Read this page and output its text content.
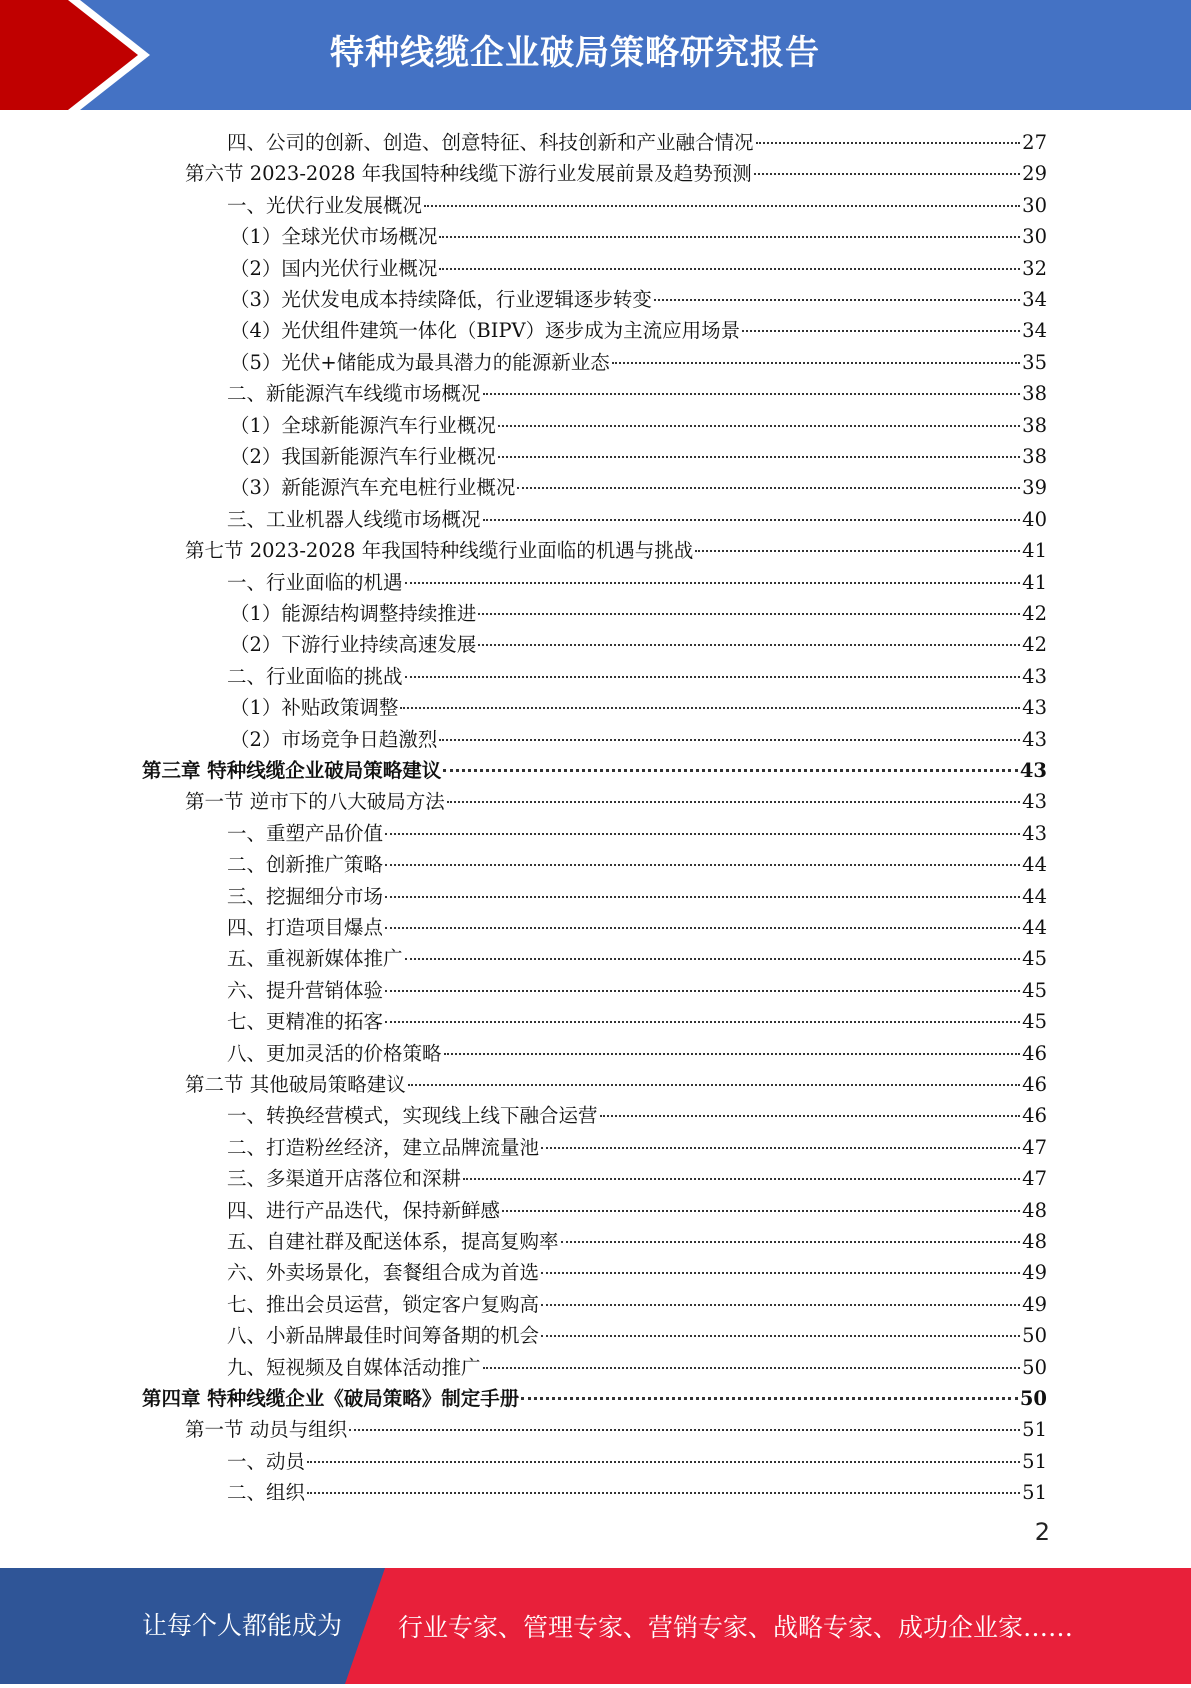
特种线缆企业破局策略研究报告
四、公司的创新、创造、创意特征、科技创新和产业融合情况	27
第六节 2023-2028 年我国特种线缆下游行业发展前景及趋势预测	29
一、光伏行业发展概况	30
（1）全球光伏市场概况	30
（2）国内光伏行业概况	32
（3）光伏发电成本持续降低，行业逻辑逐步转变	34
（4）光伏组件建筑一体化（BIPV）逐步成为主流应用场景	34
（5）光伏+储能成为最具潜力的能源新业态	35
二、新能源汽车线缆市场概况	38
（1）全球新能源汽车行业概况	38
（2）我国新能源汽车行业概况	38
（3）新能源汽车充电桩行业概况	39
三、工业机器人线缆市场概况	40
第七节 2023-2028 年我国特种线缆行业面临的机遇与挑战	41
一、行业面临的机遇	41
（1）能源结构调整持续推进	42
（2）下游行业持续高速发展	42
二、行业面临的挑战	43
（1）补贴政策调整	43
（2）市场竞争日趋激烈	43
第三章 特种线缆企业破局策略建议	43
第一节 逆市下的八大破局方法	43
一、重塑产品价值	43
二、创新推广策略	44
三、挖掘细分市场	44
四、打造项目爆点	44
五、重视新媒体推广	45
六、提升营销体验	45
七、更精准的拓客	45
八、更加灵活的价格策略	46
第二节 其他破局策略建议	46
一、转换经营模式，实现线上线下融合运营	46
二、打造粉丝经济，建立品牌流量池	47
三、多渠道开店落位和深耕	47
四、进行产品迭代，保持新鲜感	48
五、自建社群及配送体系，提高复购率	48
六、外卖场景化，套餐组合成为首选	49
七、推出会员运营，锁定客户复购高	49
八、小新品牌最佳时间筹备期的机会	50
九、短视频及自媒体活动推广	50
第四章 特种线缆企业《破局策略》制定手册	50
第一节 动员与组织	51
一、动员	51
二、组织	51
2
让每个人都能成为 行业专家、管理专家、营销专家、战略专家、成功企业家……
